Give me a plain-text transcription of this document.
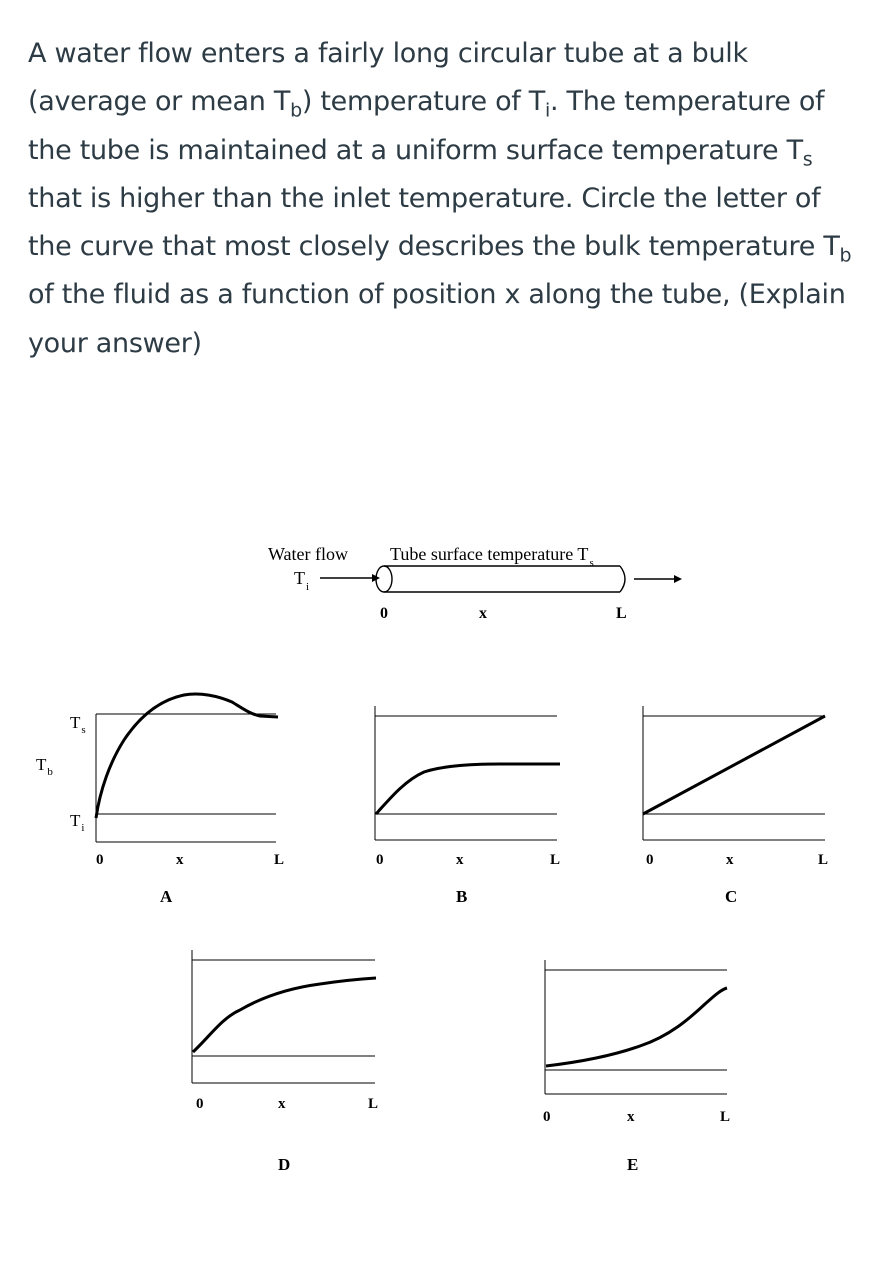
A water flow enters a fairly long circular tube at a bulk (average or mean $T_b$) temperature of $T_i$. The temperature of the tube is maintained at a uniform surface temperature $T_s$ that is higher than the inlet temperature. Circle the letter of the curve that most closely describes the bulk temperature $T_b$ of the fluid as a function of position x along the tube, (Explain your answer)
Water flow
$T_i$
Tube surface temperature $T_s$
0	x	L
$T_b$
$T_s$
$T_i$
0	x	L
A
0	x	L
B
0	x	L
C
0	x	L
D
0	x	L
E
